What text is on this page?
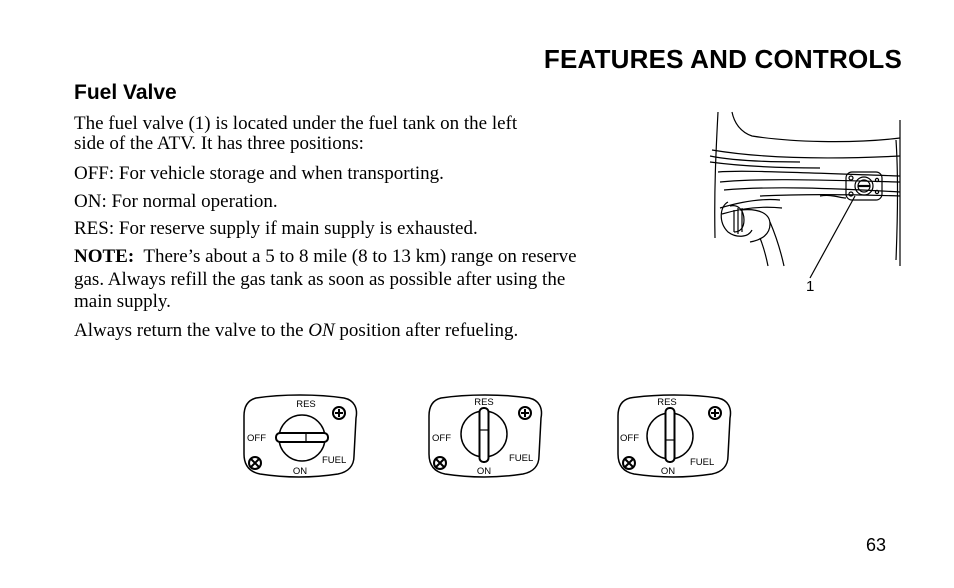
FEATURES AND CONTROLS
Fuel Valve
The fuel valve (1) is located under the fuel tank on the left
side of the ATV. It has three positions:
OFF: For vehicle storage and when transporting.
ON: For normal operation.
RES: For reserve supply if main supply is exhausted.
NOTE: There’s about a 5 to 8 mile (8 to 13 km) range on reserve
gas. Always refill the gas tank as soon as possible after using the
main supply.
Always return the valve to the ON position after refueling.
1
RES
OFF
ON
FUEL
RES
OFF
ON
FUEL
RES
OFF
ON
FUEL
63
